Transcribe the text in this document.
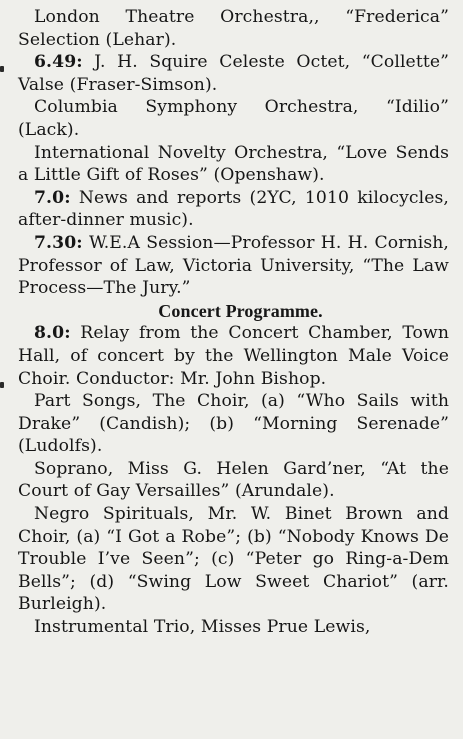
London Theatre Orchestra,, “Frederica” Selection (Lehar).

6.49: J. H. Squire Celeste Octet, “Collette” Valse (Fraser-Simson).

Columbia Symphony Orchestra, “Idilio” (Lack).

International Novelty Orchestra, “Love Sends a Little Gift of Roses” (Openshaw).

7.0: News and reports (2YC, 1010 kilocycles, after-dinner music).

7.30: W.E.A Session—Professor H. H. Cornish, Professor of Law, Victoria University, “The Law Process—The Jury.”

Concert Programme.

8.0: Relay from the Concert Chamber, Town Hall, of concert by the Wellington Male Voice Choir. Conductor: Mr. John Bishop.

Part Songs, The Choir, (a) “Who Sails with Drake” (Candish); (b) “Morning Serenade” (Ludolfs).

Soprano, Miss G. Helen Gard’ner, “At the Court of Gay Versailles” (Arundale).

Negro Spirituals, Mr. W. Binet Brown and Choir, (a) “I Got a Robe”; (b) “Nobody Knows De Trouble I’ve Seen”; (c) “Peter go Ring-a-Dem Bells”; (d) “Swing Low Sweet Chariot” (arr. Burleigh).

Instrumental Trio, Misses Prue Lewis,
